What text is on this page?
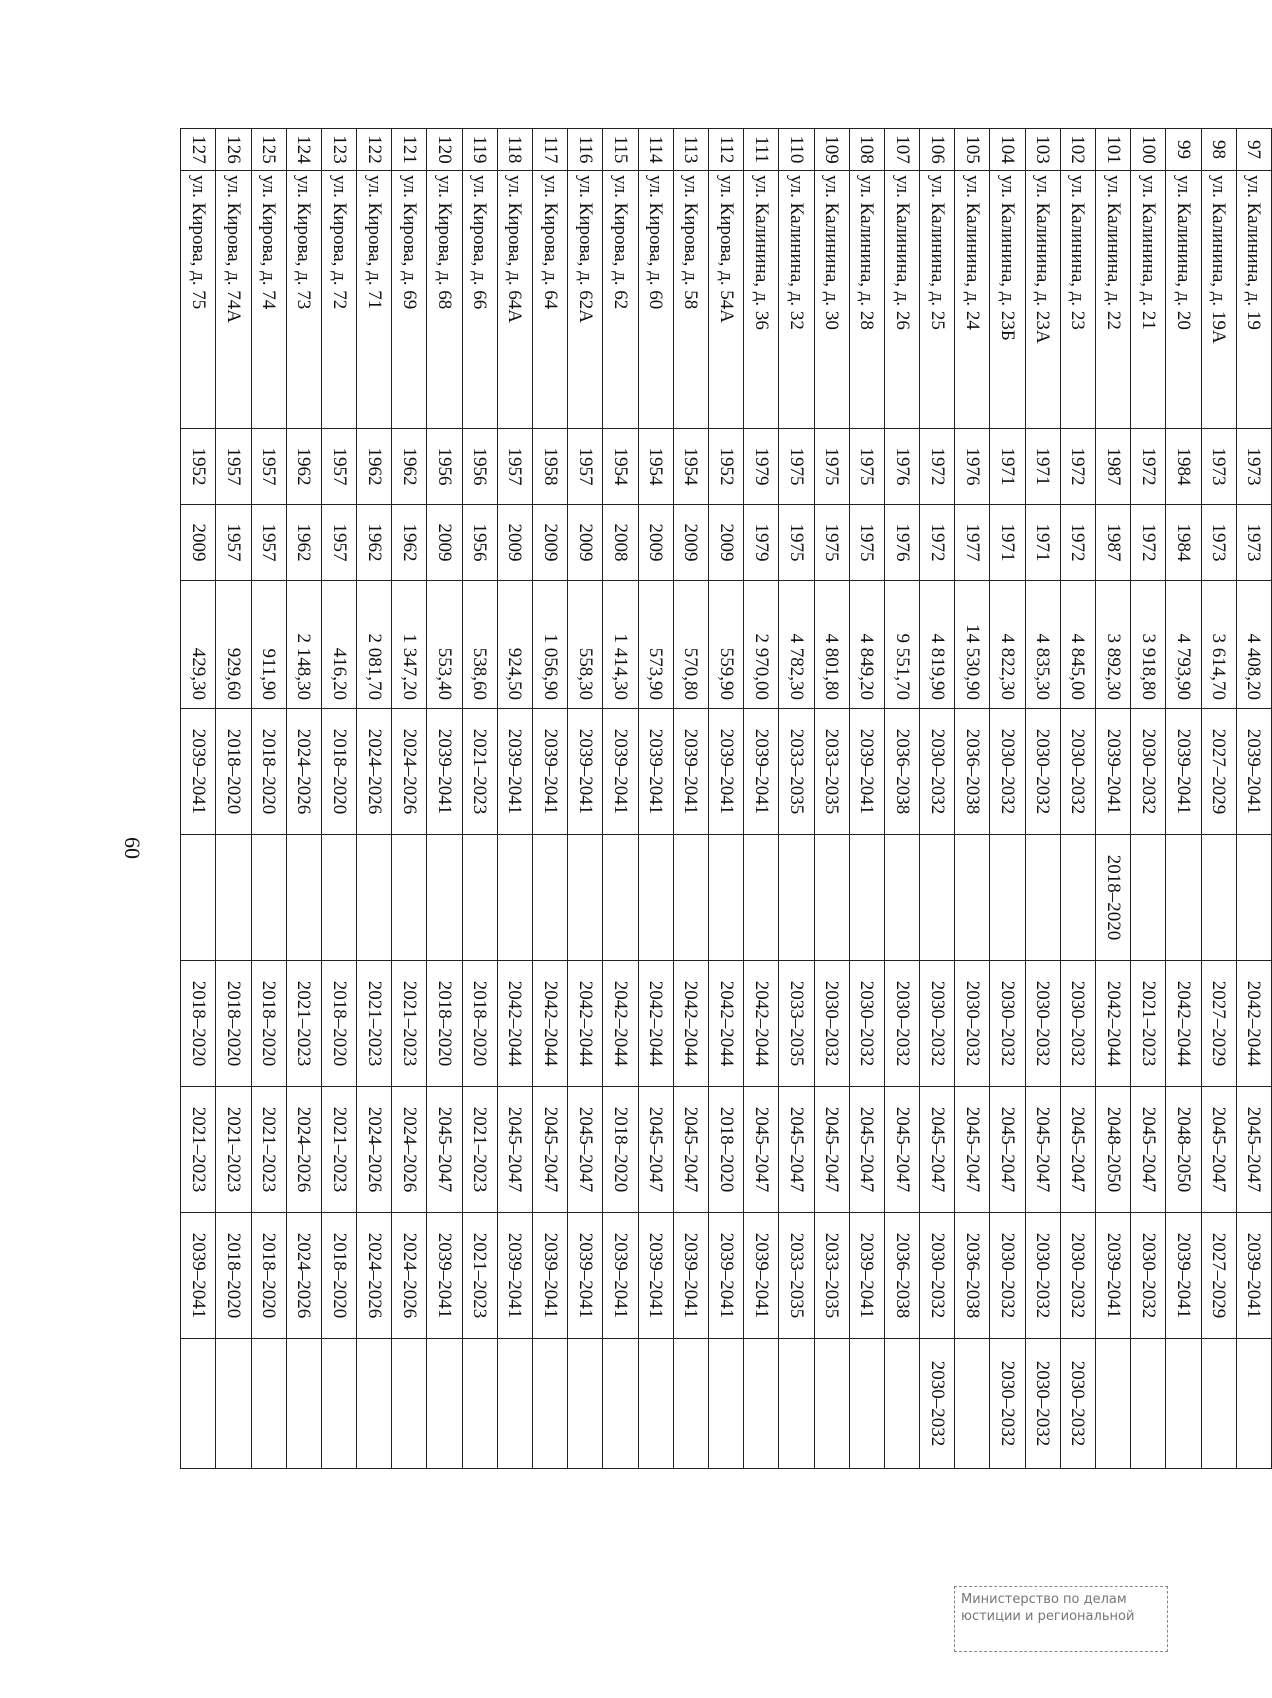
60
97	ул. Калинина, д. 19	1973	1973	4 408,20	2039–2041		2042–2044	2045–2047	2039–2041	
98	ул. Калинина, д. 19А	1973	1973	3 614,70	2027–2029		2027–2029	2045–2047	2027–2029	
99	ул. Калинина, д. 20	1984	1984	4 793,90	2039–2041		2042–2044	2048–2050	2039–2041	
100	ул. Калинина, д. 21	1972	1972	3 918,80	2030–2032		2021–2023	2045–2047	2030–2032	
101	ул. Калинина, д. 22	1987	1987	3 892,30	2039–2041	2018–2020	2042–2044	2048–2050	2039–2041	
102	ул. Калинина, д. 23	1972	1972	4 845,00	2030–2032		2030–2032	2045–2047	2030–2032	2030–2032
103	ул. Калинина, д. 23А	1971	1971	4 835,30	2030–2032		2030–2032	2045–2047	2030–2032	2030–2032
104	ул. Калинина, д. 23Б	1971	1971	4 822,30	2030–2032		2030–2032	2045–2047	2030–2032	2030–2032
105	ул. Калинина, д. 24	1976	1977	14 530,90	2036–2038		2030–2032	2045–2047	2036–2038	
106	ул. Калинина, д. 25	1972	1972	4 819,90	2030–2032		2030–2032	2045–2047	2030–2032	2030–2032
107	ул. Калинина, д. 26	1976	1976	9 551,70	2036–2038		2030–2032	2045–2047	2036–2038	
108	ул. Калинина, д. 28	1975	1975	4 849,20	2039–2041		2030–2032	2045–2047	2039–2041	
109	ул. Калинина, д. 30	1975	1975	4 801,80	2033–2035		2030–2032	2045–2047	2033–2035	
110	ул. Калинина, д. 32	1975	1975	4 782,30	2033–2035		2033–2035	2045–2047	2033–2035	
111	ул. Калинина, д. 36	1979	1979	2 970,00	2039–2041		2042–2044	2045–2047	2039–2041	
112	ул. Кирова, д. 54А	1952	2009	559,90	2039–2041		2042–2044	2018–2020	2039–2041	
113	ул. Кирова, д. 58	1954	2009	570,80	2039–2041		2042–2044	2045–2047	2039–2041	
114	ул. Кирова, д. 60	1954	2009	573,90	2039–2041		2042–2044	2045–2047	2039–2041	
115	ул. Кирова, д. 62	1954	2008	1 414,30	2039–2041		2042–2044	2018–2020	2039–2041	
116	ул. Кирова, д. 62А	1957	2009	558,30	2039–2041		2042–2044	2045–2047	2039–2041	
117	ул. Кирова, д. 64	1958	2009	1 056,90	2039–2041		2042–2044	2045–2047	2039–2041	
118	ул. Кирова, д. 64А	1957	2009	924,50	2039–2041		2042–2044	2045–2047	2039–2041	
119	ул. Кирова, д. 66	1956	1956	538,60	2021–2023		2018–2020	2021–2023	2021–2023	
120	ул. Кирова, д. 68	1956	2009	553,40	2039–2041		2018–2020	2045–2047	2039–2041	
121	ул. Кирова, д. 69	1962	1962	1 347,20	2024–2026		2021–2023	2024–2026	2024–2026	
122	ул. Кирова, д. 71	1962	1962	2 081,70	2024–2026		2021–2023	2024–2026	2024–2026	
123	ул. Кирова, д. 72	1957	1957	416,20	2018–2020		2018–2020	2021–2023	2018–2020	
124	ул. Кирова, д. 73	1962	1962	2 148,30	2024–2026		2021–2023	2024–2026	2024–2026	
125	ул. Кирова, д. 74	1957	1957	911,90	2018–2020		2018–2020	2021–2023	2018–2020	
126	ул. Кирова, д. 74А	1957	1957	929,60	2018–2020		2018–2020	2021–2023	2018–2020	
127	ул. Кирова, д. 75	1952	2009	429,30	2039–2041		2018–2020	2021–2023	2039–2041	
Министерство по делам
юстиции и региональной
